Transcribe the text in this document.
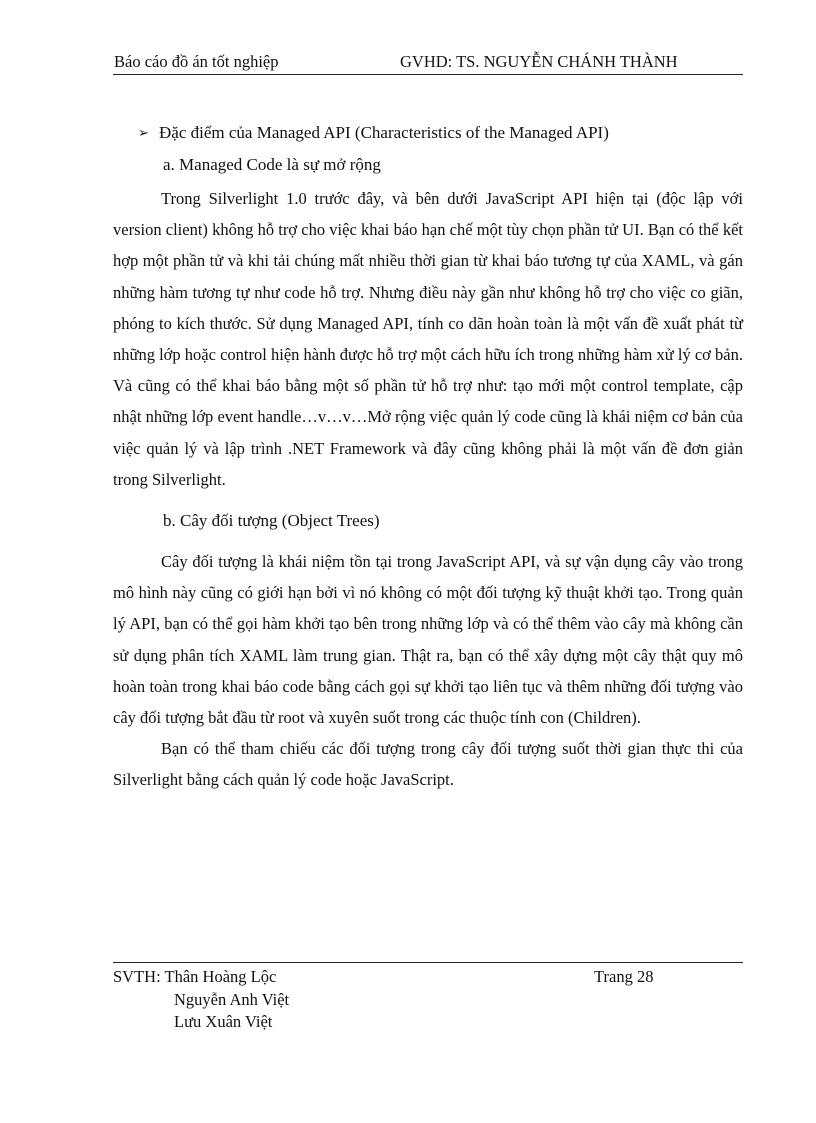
Báo cáo đồ án tốt nghiệp	GVHD: TS. NGUYỄN CHÁNH THÀNH
➢ Đặc điểm của Managed API (Characteristics of the Managed API)
a. Managed Code là sự mở rộng

Trong Silverlight 1.0 trước đây, và bên dưới JavaScript API hiện tại (độc lập với version client) không hỗ trợ cho việc khai báo hạn chế một tùy chọn phần tử UI. Bạn có thể kết hợp một phần tử và khi tải chúng mất nhiều thời gian từ khai báo tương tự của XAML, và gán những hàm tương tự như code hỗ trợ. Nhưng điều này gần như không hỗ trợ cho việc co giãn, phóng to kích thước. Sử dụng Managed API, tính co dãn hoàn toàn là một vấn đề xuất phát từ những lớp hoặc control hiện hành được hỗ trợ một cách hữu ích trong những hàm xử lý cơ bản. Và cũng có thể khai báo bằng một số phần tử hỗ trợ như: tạo mới một control template, cập nhật những lớp event handle…v…v…Mở rộng việc quản lý code cũng là khái niệm cơ bản của việc quản lý và lập trình .NET Framework và đây cũng không phải là một vấn đề đơn giản trong Silverlight.

b. Cây đối tượng (Object Trees)

Cây đối tượng là khái niệm tồn tại trong JavaScript API, và sự vận dụng cây vào trong mô hình này cũng có giới hạn bởi vì nó không có một đối tượng kỹ thuật khởi tạo. Trong quản lý API, bạn có thể gọi hàm khởi tạo bên trong những lớp và có thể thêm vào cây mà không cần sử dụng phân tích XAML làm trung gian. Thật ra, bạn có thể xây dựng một cây thật quy mô hoàn toàn trong khai báo code bằng cách gọi sự khởi tạo liên tục và thêm những đối tượng vào cây đối tượng bắt đầu từ root và xuyên suốt trong các thuộc tính con (Children).

Bạn có thể tham chiếu các đối tượng trong cây đối tượng suốt thời gian thực thi của Silverlight bằng cách quản lý code hoặc JavaScript.

SVTH: Thân Hoàng Lộc	Trang 28
Nguyễn Anh Việt
Lưu Xuân Việt
